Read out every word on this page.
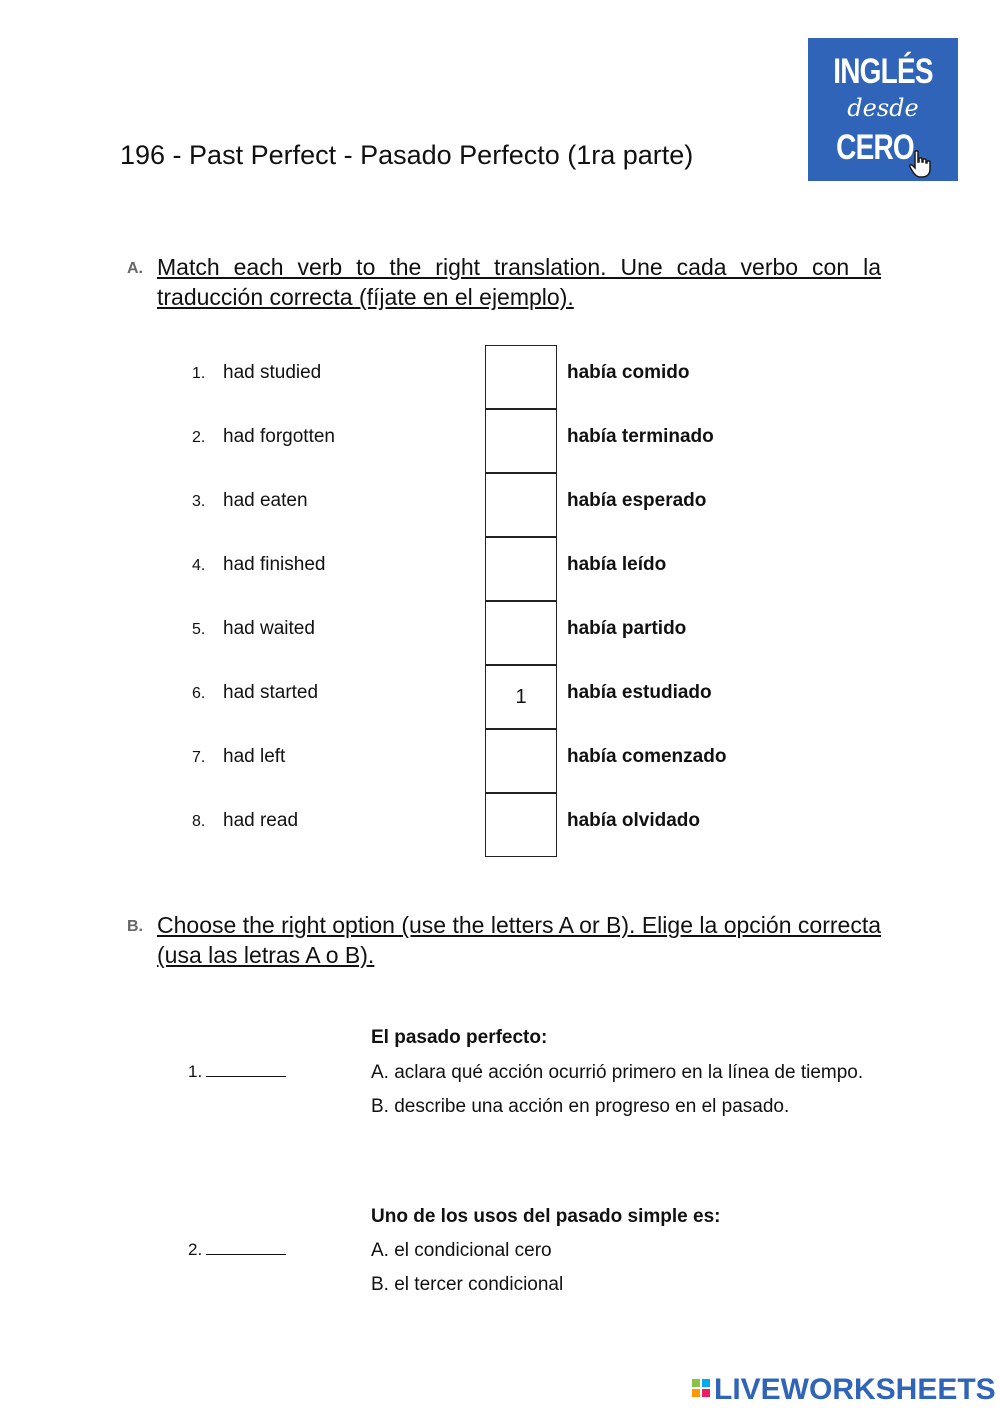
INGLÉS
desde
CERO
196 - Past Perfect - Pasado Perfecto (1ra parte)
A. Match each verb to the right translation. Une cada verbo con la traducción correcta (fíjate en el ejemplo).
1. had studied	había comido
2. had forgotten	había terminado
3. had eaten	había esperado
4. had finished	había leído
5. had waited	había partido
6. had started	1	había estudiado
7. had left	había comenzado
8. had read	había olvidado
B. Choose the right option (use the letters A or B). Elige la opción correcta (usa las letras A o B).
El pasado perfecto:
1.	A. aclara qué acción ocurrió primero en la línea de tiempo.
B. describe una acción en progreso en el pasado.
Uno de los usos del pasado simple es:
2.	A. el condicional cero
B. el tercer condicional
LIVEWORKSHEETS
